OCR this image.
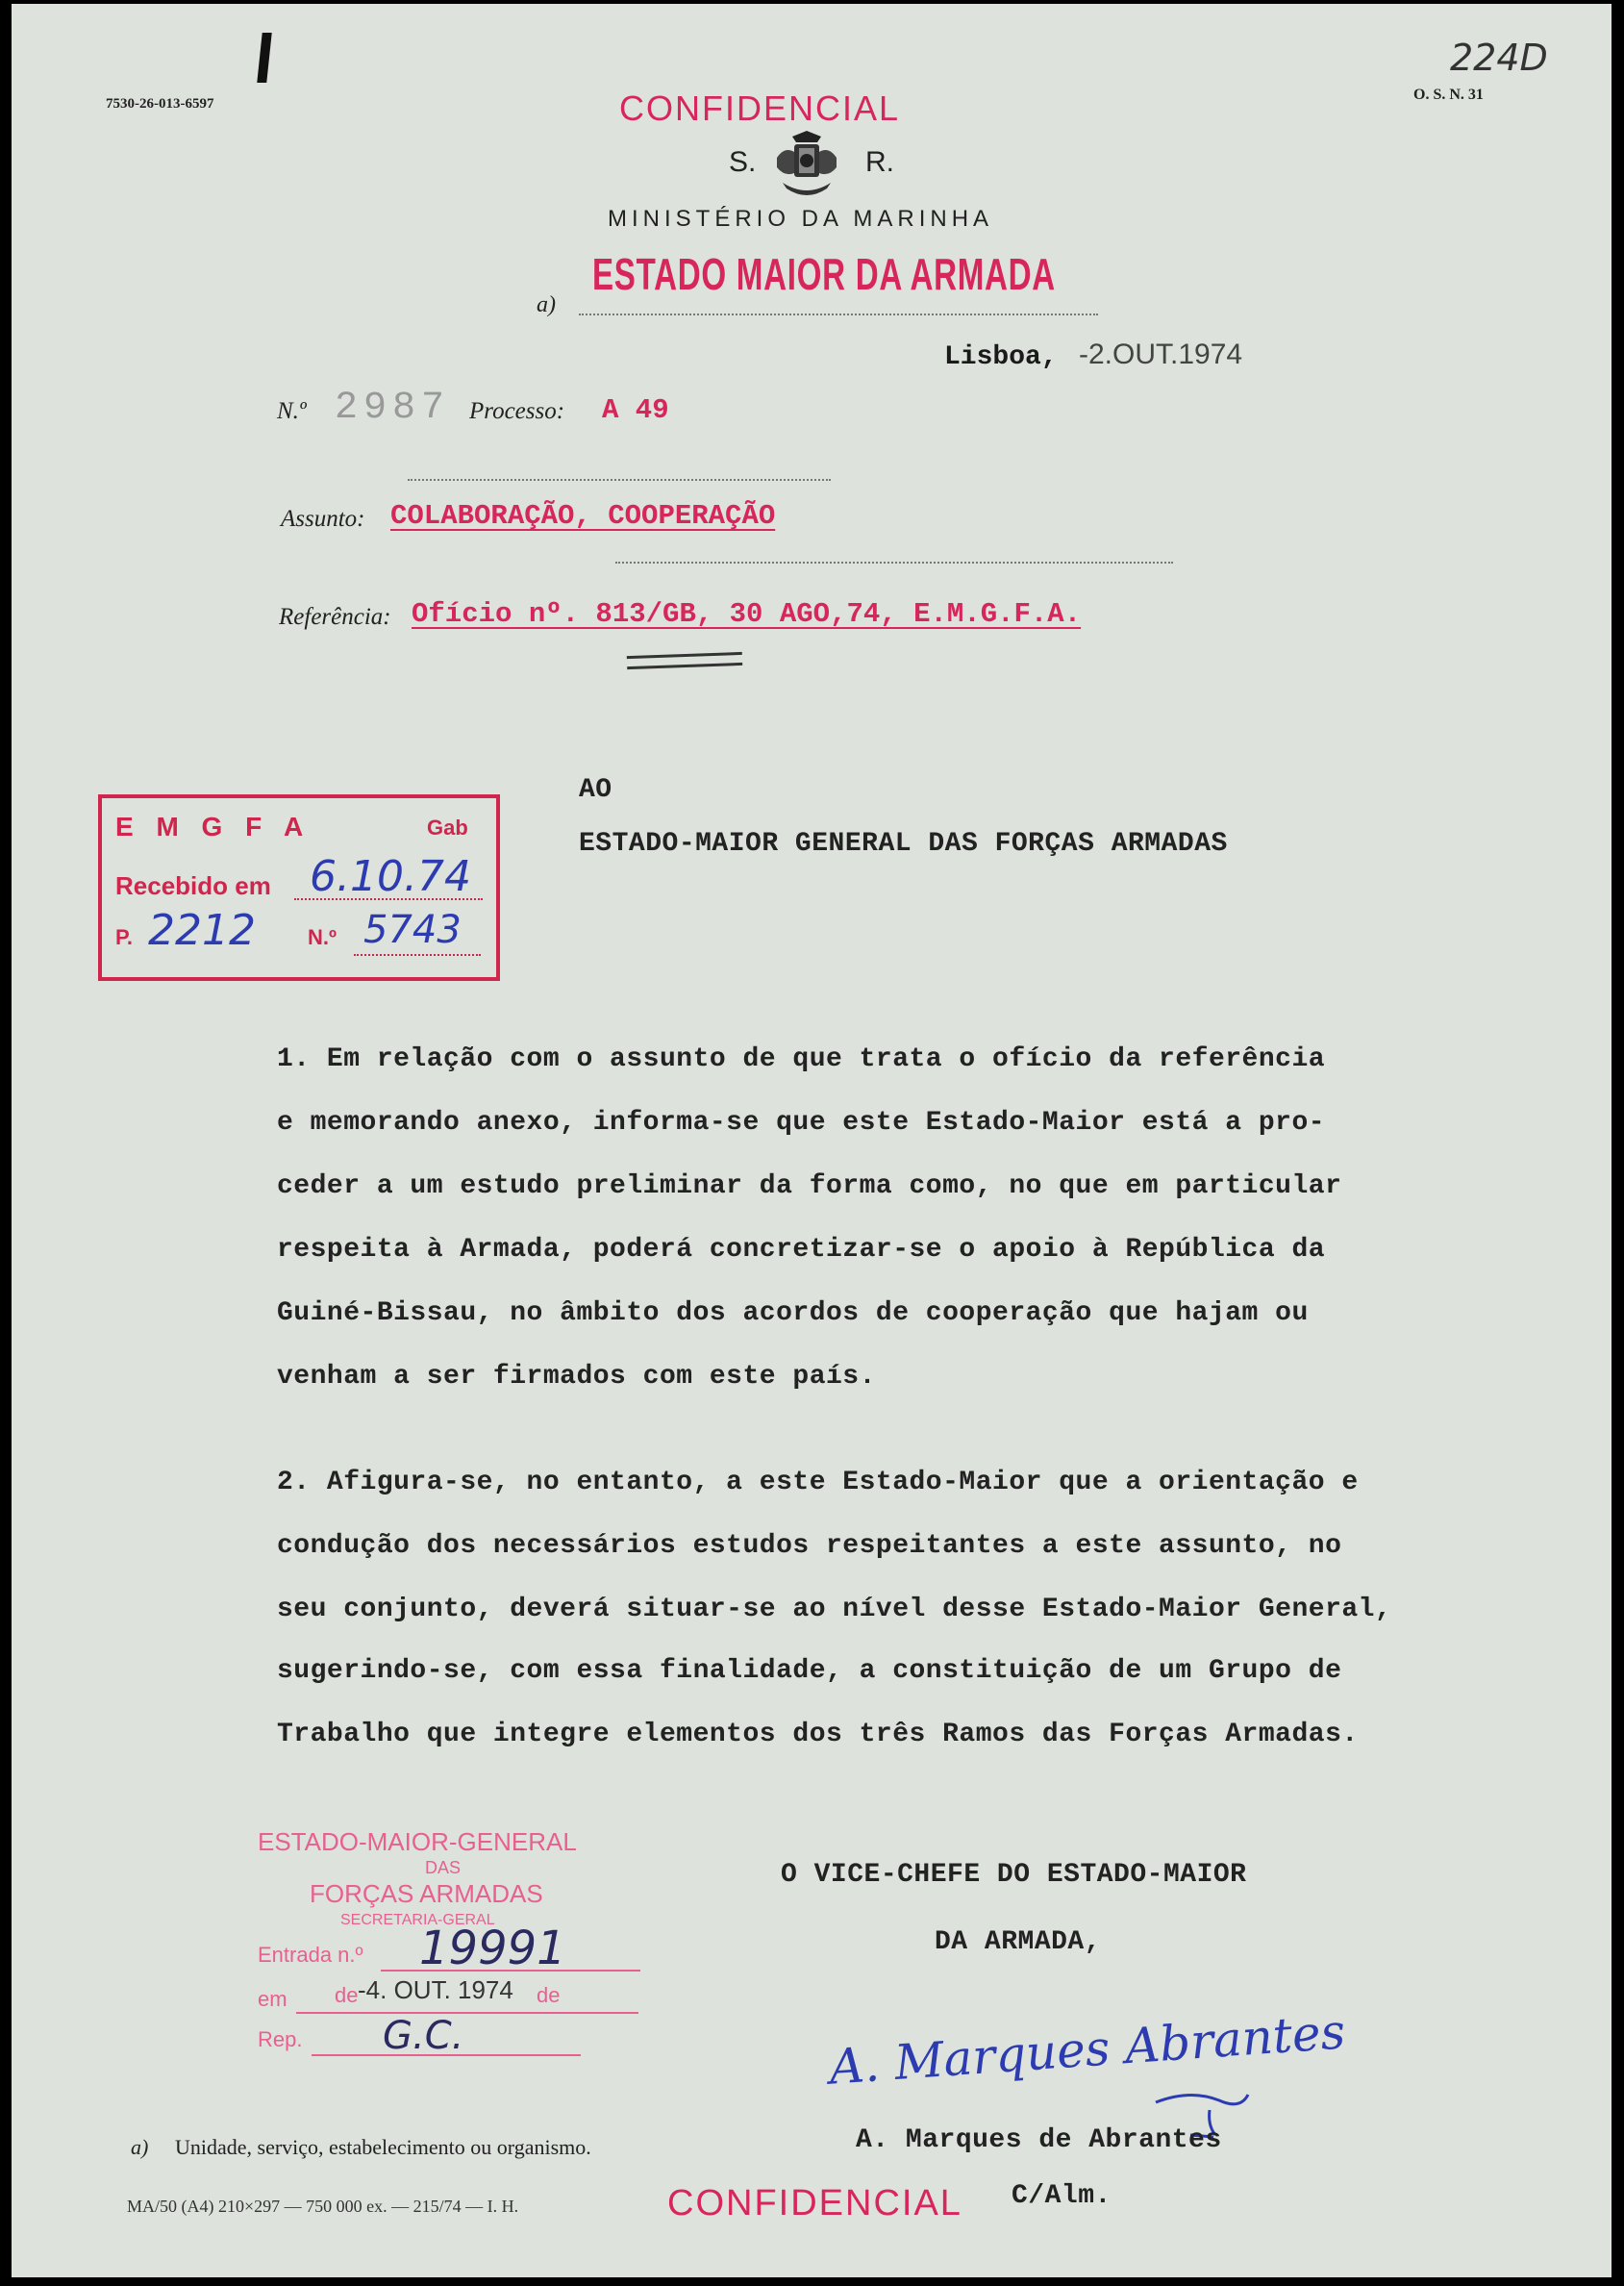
7530-26-013-6597
O. S. N. 31
224D
CONFIDENCIAL
S.	R.
MINISTÉRIO DA MARINHA
a)
ESTADO MAIOR DA ARMADA
Lisboa, -2.OUT.1974
N.º 2987 Processo: A 49
Assunto: COLABORAÇÃO, COOPERAÇÃO
Referência: Ofício nº. 813/GB, 30 AGO,74, E.M.G.F.A.
E M G F A	Gab
Recebido em 6.10.74
P. 2212 N.º 5743
AO
ESTADO-MAIOR GENERAL DAS FORÇAS ARMADAS
1. Em relação com o assunto de que trata o ofício da referência
e memorando anexo, informa-se que este Estado-Maior está a pro-
ceder a um estudo preliminar da forma como, no que em particular
respeita à Armada, poderá concretizar-se o apoio à República da
Guiné-Bissau, no âmbito dos acordos de cooperação que hajam ou
venham a ser firmados com este país.
2. Afigura-se, no entanto, a este Estado-Maior que a orientação e
condução dos necessários estudos respeitantes a este assunto, no
seu conjunto, deverá situar-se ao nível desse Estado-Maior General,
sugerindo-se, com essa finalidade, a constituição de um Grupo de
Trabalho que integre elementos dos três Ramos das Forças Armadas.
ESTADO-MAIOR-GENERAL
DAS
FORÇAS ARMADAS
SECRETARIA-GERAL
Entrada n.º 19991
em de -4. OUT. 1974 de
Rep. G.C.
O VICE-CHEFE DO ESTADO-MAIOR
DA ARMADA,
A. Marques Abrantes
A. Marques de Abrantes
C/Alm.
a) Unidade, serviço, estabelecimento ou organismo.
MA/50 (A4) 210×297 — 750 000 ex. — 215/74 — I. H.	CONFIDENCIAL
